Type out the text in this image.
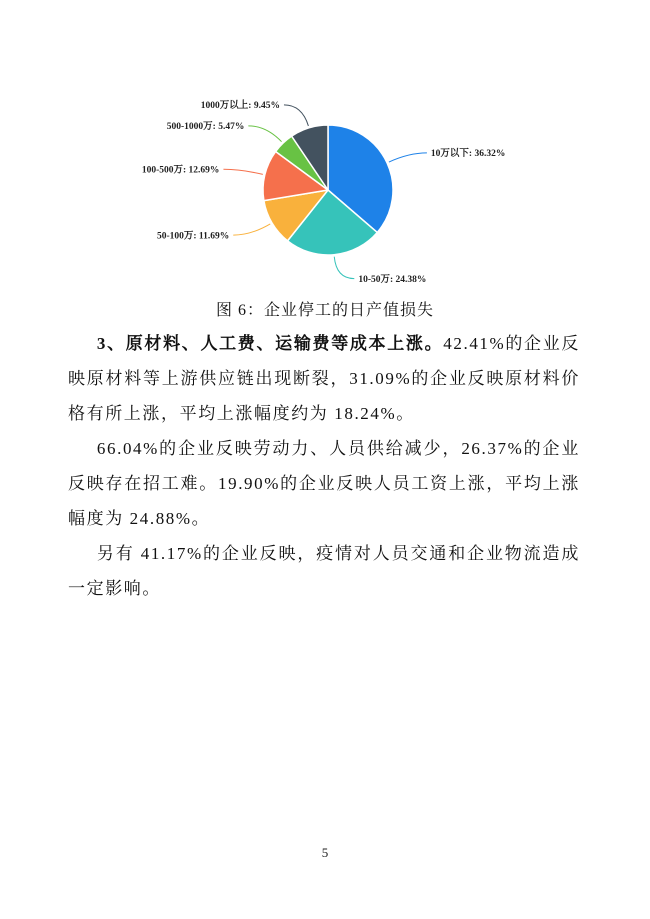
10万以下: 36.32%
10-50万: 24.38%
50-100万: 11.69%
100-500万: 12.69%
500-1000万: 5.47%
1000万以上: 9.45%
图 6：企业停工的日产值损失

3、原材料、人工费、运输费等成本上涨。42.41%的企业反映原材料等上游供应链出现断裂，31.09%的企业反映原材料价格有所上涨，平均上涨幅度约为 18.24%。

66.04%的企业反映劳动力、人员供给减少，26.37%的企业反映存在招工难。19.90%的企业反映人员工资上涨，平均上涨幅度为 24.88%。

另有 41.17%的企业反映，疫情对人员交通和企业物流造成一定影响。

5
